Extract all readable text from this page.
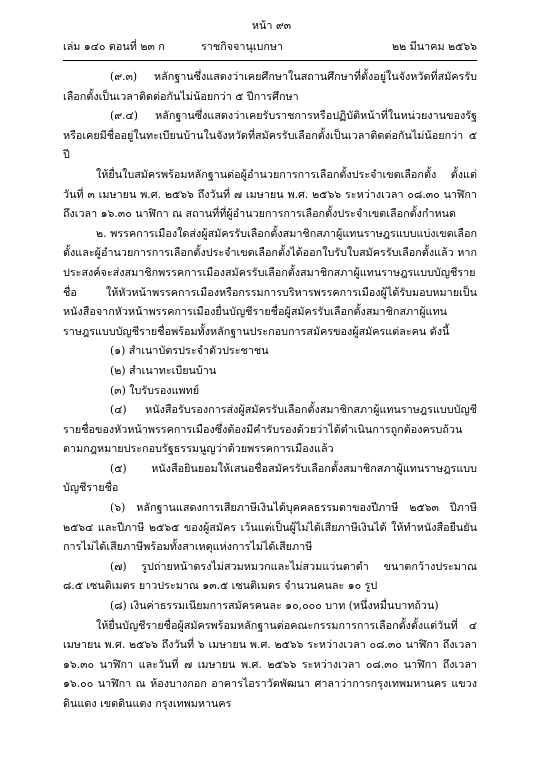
หน้า ๙๓
เล่ม ๑๔๐ ตอนที่ ๒๓ ก	ราชกิจจานุเบกษา	๒๒ มีนาคม ๒๕๖๖

(๙.๓) หลักฐานซึ่งแสดงว่าเคยศึกษาในสถานศึกษาที่ตั้งอยู่ในจังหวัดที่สมัครรับเลือกตั้งเป็นเวลาติดต่อกันไม่น้อยกว่า ๕ ปีการศึกษา

(๙.๔) หลักฐานซึ่งแสดงว่าเคยรับราชการหรือปฏิบัติหน้าที่ในหน่วยงานของรัฐหรือเคยมีชื่ออยู่ในทะเบียนบ้านในจังหวัดที่สมัครรับเลือกตั้งเป็นเวลาติดต่อกันไม่น้อยกว่า ๕ ปี

ให้ยื่นใบสมัครพร้อมหลักฐานต่อผู้อำนวยการการเลือกตั้งประจำเขตเลือกตั้ง ตั้งแต่วันที่ ๓ เมษายน พ.ศ. ๒๕๖๖ ถึงวันที่ ๗ เมษายน พ.ศ. ๒๕๖๖ ระหว่างเวลา ๐๘.๓๐ นาฬิกา ถึงเวลา ๑๖.๓๐ นาฬิกา ณ สถานที่ที่ผู้อำนวยการการเลือกตั้งประจำเขตเลือกตั้งกำหนด

๒. พรรคการเมืองใดส่งผู้สมัครรับเลือกตั้งสมาชิกสภาผู้แทนราษฎรแบบแบ่งเขตเลือกตั้งและผู้อำนวยการการเลือกตั้งประจำเขตเลือกตั้งได้ออกใบรับใบสมัครรับเลือกตั้งแล้ว หากประสงค์จะส่งสมาชิกพรรคการเมืองสมัครรับเลือกตั้งสมาชิกสภาผู้แทนราษฎรแบบบัญชีรายชื่อ ให้หัวหน้าพรรคการเมืองหรือกรรมการบริหารพรรคการเมืองผู้ได้รับมอบหมายเป็นหนังสือจากหัวหน้าพรรคการเมืองยื่นบัญชีรายชื่อผู้สมัครรับเลือกตั้งสมาชิกสภาผู้แทนราษฎรแบบบัญชีรายชื่อพร้อมทั้งหลักฐานประกอบการสมัครของผู้สมัครแต่ละคน ดังนี้

(๑) สำเนาบัตรประจำตัวประชาชน

(๒) สำเนาทะเบียนบ้าน

(๓) ใบรับรองแพทย์

(๔) หนังสือรับรองการส่งผู้สมัครรับเลือกตั้งสมาชิกสภาผู้แทนราษฎรแบบบัญชีรายชื่อของหัวหน้าพรรคการเมืองซึ่งต้องมีคำรับรองด้วยว่าได้ดำเนินการถูกต้องครบถ้วนตามกฎหมายประกอบรัฐธรรมนูญว่าด้วยพรรคการเมืองแล้ว

(๕) หนังสือยินยอมให้เสนอชื่อสมัครรับเลือกตั้งสมาชิกสภาผู้แทนราษฎรแบบบัญชีรายชื่อ

(๖) หลักฐานแสดงการเสียภาษีเงินได้บุคคลธรรมดาของปีภาษี ๒๕๖๓ ปีภาษี ๒๕๖๔ และปีภาษี ๒๕๖๕ ของผู้สมัคร เว้นแต่เป็นผู้ไม่ได้เสียภาษีเงินได้ ให้ทำหนังสือยืนยันการไม่ได้เสียภาษีพร้อมทั้งสาเหตุแห่งการไม่ได้เสียภาษี

(๗) รูปถ่ายหน้าตรงไม่สวมหมวกและไม่สวมแว่นตาดำ ขนาดกว้างประมาณ ๘.๕ เซนติเมตร ยาวประมาณ ๑๓.๕ เซนติเมตร จำนวนคนละ ๑๐ รูป

(๘) เงินค่าธรรมเนียมการสมัครคนละ ๑๐,๐๐๐ บาท (หนึ่งหมื่นบาทถ้วน)

ให้ยื่นบัญชีรายชื่อผู้สมัครพร้อมหลักฐานต่อคณะกรรมการการเลือกตั้งตั้งแต่วันที่ ๔ เมษายน พ.ศ. ๒๕๖๖ ถึงวันที่ ๖ เมษายน พ.ศ. ๒๕๖๖ ระหว่างเวลา ๐๘.๓๐ นาฬิกา ถึงเวลา ๑๖.๓๐ นาฬิกา และวันที่ ๗ เมษายน พ.ศ. ๒๕๖๖ ระหว่างเวลา ๐๘.๓๐ นาฬิกา ถึงเวลา ๑๖.๐๐ นาฬิกา ณ ห้องบางกอก อาคารไอราวัตพัฒนา ศาลาว่าการกรุงเทพมหานคร แขวงดินแดง เขตดินแดง กรุงเทพมหานคร
